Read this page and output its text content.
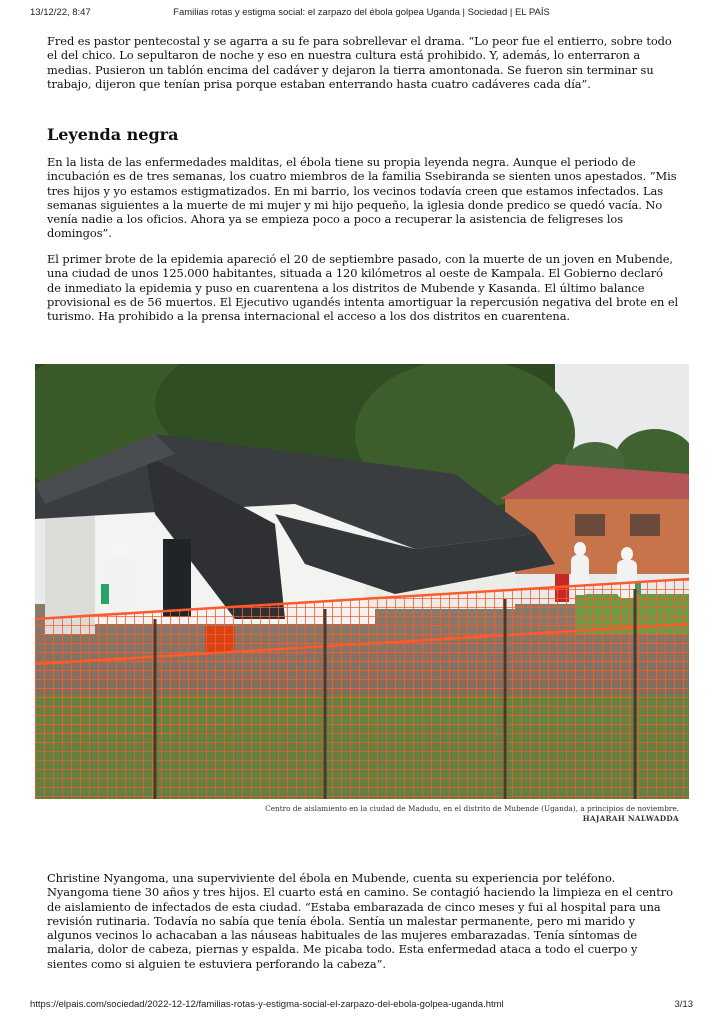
13/12/22, 8:47	Familias rotas y estigma social: el zarpazo del ébola golpea Uganda | Sociedad | EL PAÍS

Fred es pastor pentecostal y se agarra a su fe para sobrellevar el drama. “Lo peor fue el entierro, sobre todo el del chico. Lo sepultaron de noche y eso en nuestra cultura está prohibido. Y, además, lo enterraron a medias. Pusieron un tablón encima del cadáver y dejaron la tierra amontonada. Se fueron sin terminar su trabajo, dijeron que tenían prisa porque estaban enterrando hasta cuatro cadáveres cada día”.

Leyenda negra

En la lista de las enfermedades malditas, el ébola tiene su propia leyenda negra. Aunque el periodo de incubación es de tres semanas, los cuatro miembros de la familia Ssebiranda se sienten unos apestados. ”Mis tres hijos y yo estamos estigmatizados. En mi barrio, los vecinos todavía creen que estamos infectados. Las semanas siguientes a la muerte de mi mujer y mi hijo pequeño, la iglesia donde predico se quedó vacía. No venía nadie a los oficios. Ahora ya se empieza poco a poco a recuperar la asistencia de feligreses los domingos”.

El primer brote de la epidemia apareció el 20 de septiembre pasado, con la muerte de un joven en Mubende, una ciudad de unos 125.000 habitantes, situada a 120 kilómetros al oeste de Kampala. El Gobierno declaró de inmediato la epidemia y puso en cuarentena a los distritos de Mubende y Kasanda. El último balance provisional es de 56 muertos. El Ejecutivo ugandés intenta amortiguar la repercusión negativa del brote en el turismo. Ha prohibido a la prensa internacional el acceso a los dos distritos en cuarentena.

Centro de aislamiento en la ciudad de Madudu, en el distrito de Mubende (Uganda), a principios de noviembre.
HAJARAH NALWADDA

Christine Nyangoma, una superviviente del ébola en Mubende, cuenta su experiencia por teléfono. Nyangoma tiene 30 años y tres hijos. El cuarto está en camino. Se contagió haciendo la limpieza en el centro de aislamiento de infectados de esta ciudad. “Estaba embarazada de cinco meses y fui al hospital para una revisión rutinaria. Todavía no sabía que tenía ébola. Sentía un malestar permanente, pero mi marido y algunos vecinos lo achacaban a las náuseas habituales de las mujeres embarazadas. Tenía síntomas de malaria, dolor de cabeza, piernas y espalda. Me picaba todo. Esta enfermedad ataca a todo el cuerpo y sientes como si alguien te estuviera perforando la cabeza”.

https://elpais.com/sociedad/2022-12-12/familias-rotas-y-estigma-social-el-zarpazo-del-ebola-golpea-uganda.html	3/13
